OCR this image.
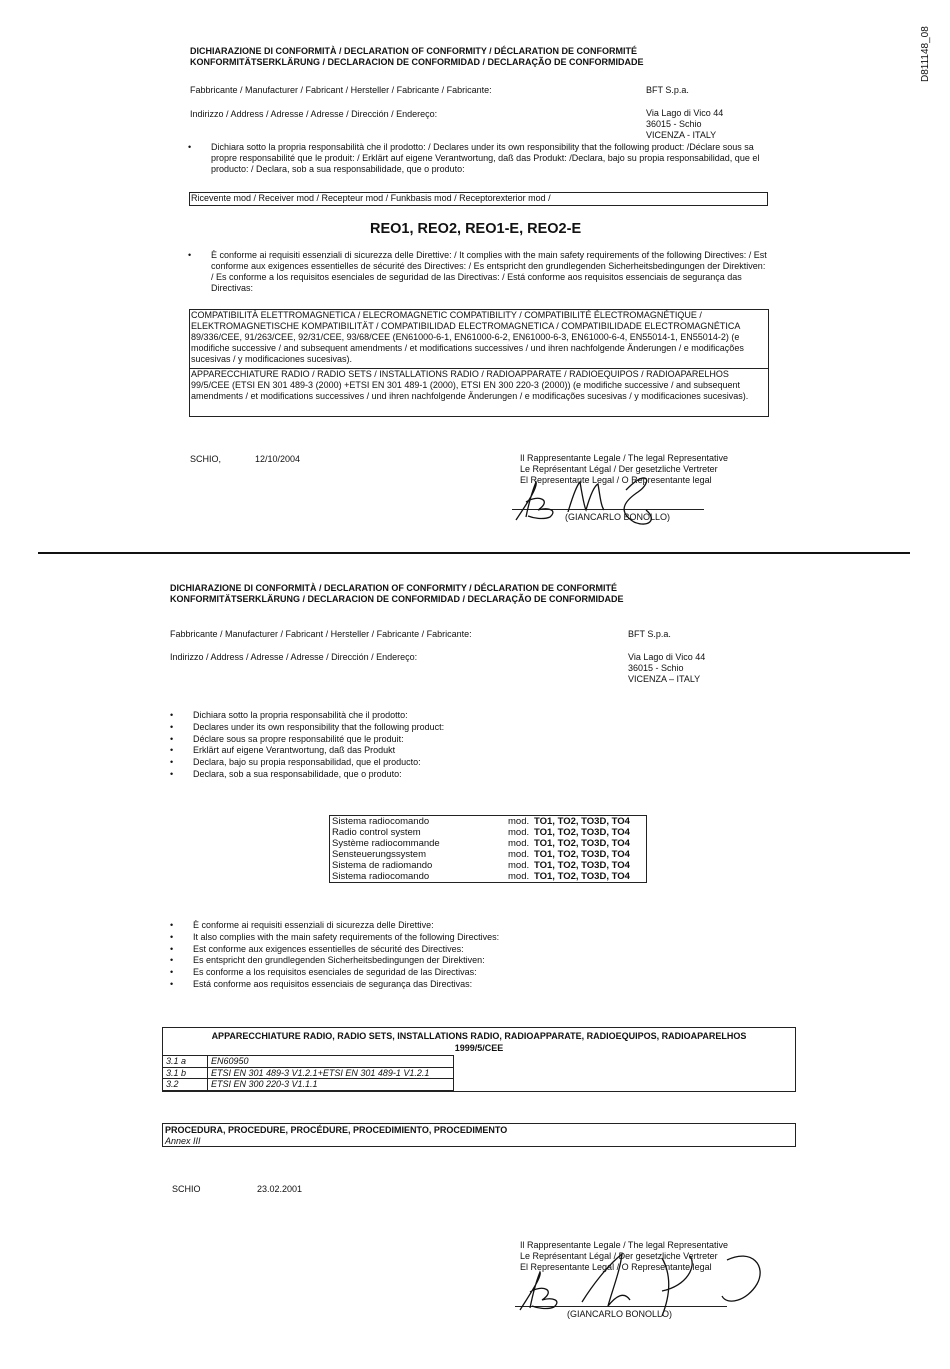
D811148_08
DICHIARAZIONE DI CONFORMITÀ / DECLARATION OF CONFORMITY / DÉCLARATION DE CONFORMITÉ
KONFORMITÄTSERKLÄRUNG / DECLARACION DE CONFORMIDAD / DECLARAÇÃO DE CONFORMIDADE
Fabbricante / Manufacturer / Fabricant / Hersteller / Fabricante / Fabricante:	BFT S.p.a.
Indirizzo / Address / Adresse / Adresse / Dirección / Endereço:	Via Lago di Vico 44
36015 - Schio
VICENZA - ITALY
• Dichiara sotto la propria responsabilità che il prodotto: / Declares under its own responsibility that the following product: /Déclare sous sa propre responsabilité que le produit: / Erklärt auf eigene Verantwortung, daß das Produkt: /Declara, bajo su propia responsabilidad, que el producto: / Declara, sob a sua responsabilidade, que o produto:
Ricevente mod / Receiver mod / Recepteur mod / Funkbasis mod / Receptorexterior mod /
REO1, REO2, REO1-E, REO2-E
• È conforme ai requisiti essenziali di sicurezza delle Direttive: / It complies with the main safety requirements of the following Directives: / Est conforme aux exigences essentielles de sécurité des Directives: / Es entspricht den grundlegenden Sicherheitsbedingungen der Direktiven: / Es conforme a los requisitos esenciales de seguridad de las Directivas: / Está conforme aos requisitos essenciais de segurança das Directivas:
COMPATIBILITÀ ELETTROMAGNETICA / ELECROMAGNETIC COMPATIBILITY / COMPATIBILITÉ ÉLECTROMAGNÉTIQUE / ELEKTROMAGNETISCHE KOMPATIBILITÄT / COMPATIBILIDAD ELECTROMAGNETICA / COMPATIBILIDADE ELECTROMAGNÉTICA 89/336/CEE, 91/263/CEE, 92/31/CEE, 93/68/CEE (EN61000-6-1, EN61000-6-2, EN61000-6-3, EN61000-6-4, EN55014-1, EN55014-2) (e modifiche successive / and subsequent amendments / et modifications successives / und ihren nachfolgende Änderungen / e modificações sucesivas / y modificaciones sucesivas).
APPARECCHIATURE RADIO / RADIO SETS / INSTALLATIONS RADIO / RADIOAPPARATE / RADIOEQUIPOS / RADIOAPARELHOS 99/5/CEE (ETSI EN 301 489-3 (2000) +ETSI EN 301 489-1 (2000), ETSI EN 300 220-3 (2000)) (e modifiche successive / and subsequent amendments / et modifications successives / und ihren nachfolgende Änderungen / e modificações sucesivas / y modificaciones sucesivas).
SCHIO,	12/10/2004	Il Rappresentante Legale / The legal Representative
Le Représentant Légal / Der gesetzliche Vertreter
El Representante Legal / O Representante legal
(GIANCARLO BONOLLO)
DICHIARAZIONE DI CONFORMITÀ / DECLARATION OF CONFORMITY / DÉCLARATION DE CONFORMITÉ
KONFORMITÄTSERKLÄRUNG / DECLARACION DE CONFORMIDAD / DECLARAÇÃO DE CONFORMIDADE
Fabbricante / Manufacturer / Fabricant / Hersteller / Fabricante / Fabricante:	BFT S.p.a.
Indirizzo / Address / Adresse / Adresse / Dirección / Endereço:	Via Lago di Vico 44
36015 - Schio
VICENZA – ITALY
• Dichiara sotto la propria responsabilità che il prodotto:
• Declares under its own responsibility that the following product:
• Déclare sous sa propre responsabilité que le produit:
• Erklärt auf eigene Verantwortung, daß das Produkt
• Declara, bajo su propia responsabilidad, que el producto:
• Declara, sob a sua responsabilidade, que o produto:
Sistema radiocomando	mod.	TO1, TO2, TO3D, TO4
Radio control system	mod.	TO1, TO2, TO3D, TO4
Système radiocommande	mod.	TO1, TO2, TO3D, TO4
Sensteuerungssystem	mod.	TO1, TO2, TO3D, TO4
Sistema de radiomando	mod.	TO1, TO2, TO3D, TO4
Sistema radiocomando	mod.	TO1, TO2, TO3D, TO4
• È conforme ai requisiti essenziali di sicurezza delle Direttive:
• It also complies with the main safety requirements of the following Directives:
• Est conforme aux exigences essentielles de sécurité des Directives:
• Es entspricht den grundlegenden Sicherheitsbedingungen der Direktiven:
• Es conforme a los requisitos esenciales de seguridad de las Directivas:
• Está conforme aos requisitos essenciais de segurança das Directivas:
APPARECCHIATURE RADIO, RADIO SETS, INSTALLATIONS RADIO, RADIOAPPARATE, RADIOEQUIPOS, RADIOAPARELHOS
1999/5/CEE
3.1 a	EN60950
3.1 b	ETSI EN 301 489-3 V1.2.1+ETSI EN 301 489-1 V1.2.1
3.2	ETSI EN 300 220-3 V1.1.1
PROCEDURA, PROCEDURE, PROCÉDURE, PROCEDIMIENTO, PROCEDIMENTO
Annex III
SCHIO	23.02.2001
Il Rappresentante Legale / The legal Representative
Le Représentant Légal / Der gesetzliche Vertreter
El Representante Legal / O Representante legal
(GIANCARLO BONOLLO)
